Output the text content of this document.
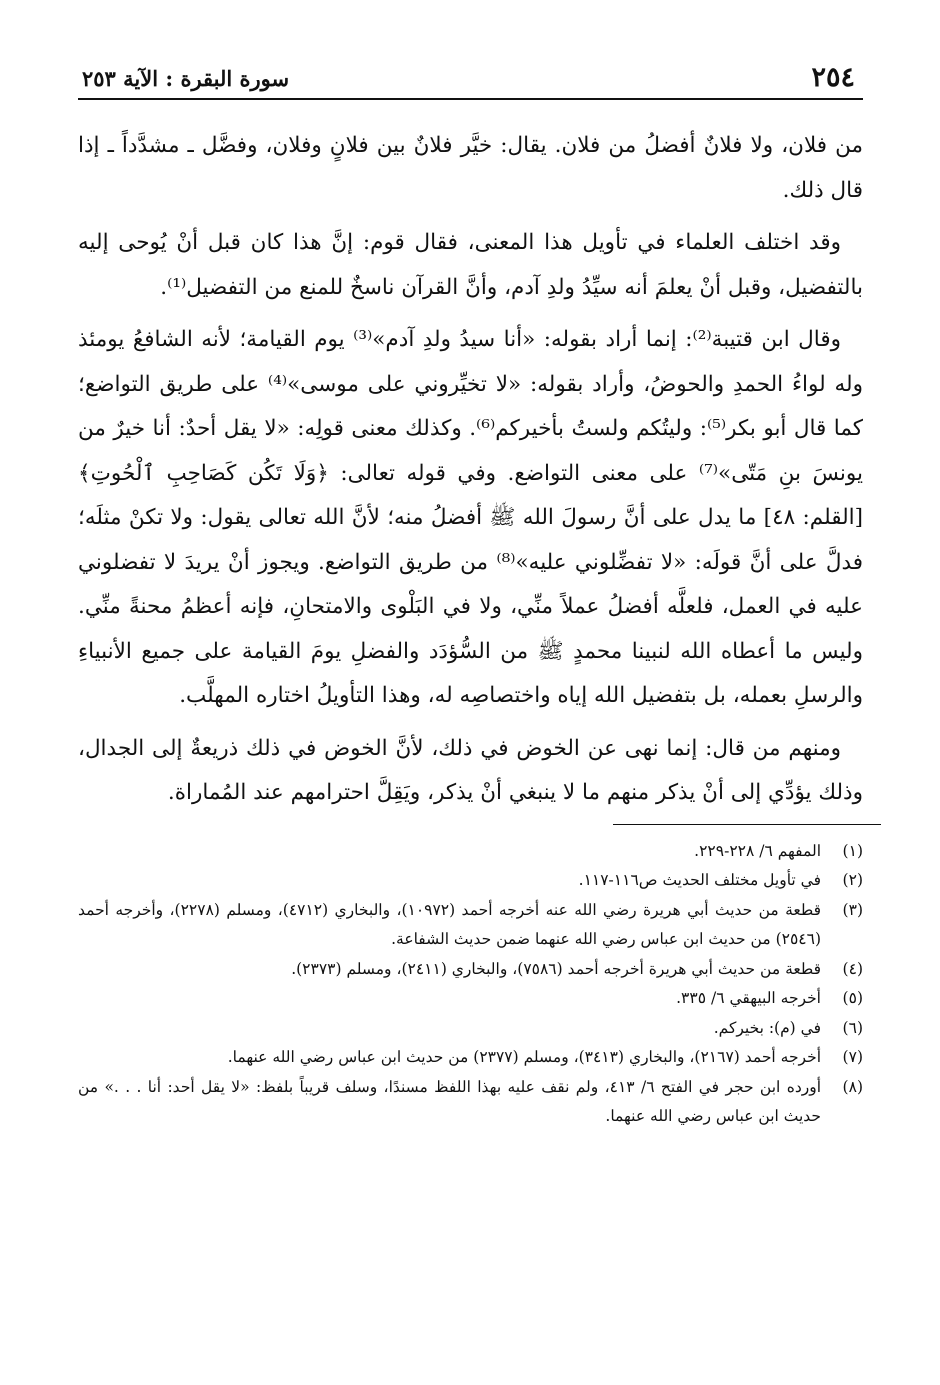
٢٥٤
سورة البقرة : الآية ٢٥٣

من فلان، ولا فلانٌ أفضلُ من فلان. يقال: خيَّر فلانٌ بين فلانٍ وفلان، وفضَّل ـ مشدَّداً ـ إذا قال ذلك.

وقد اختلف العلماء في تأويل هذا المعنى، فقال قوم: إنَّ هذا كان قبل أنْ يُوحى إليه بالتفضيل، وقبل أنْ يعلمَ أنه سيِّدُ ولدِ آدم، وأنَّ القرآن ناسخٌ للمنع من التفضيل⁽¹⁾.

وقال ابن قتيبة⁽²⁾: إنما أراد بقوله: «أنا سيدُ ولدِ آدم»⁽³⁾ يوم القيامة؛ لأنه الشافعُ يومئذ وله لواءُ الحمدِ والحوضُ، وأراد بقوله: «لا تخيِّروني على موسى»⁽⁴⁾ على طريق التواضع؛ كما قال أبو بكر⁽⁵⁾: وليتُكم ولستُ بأخيركم⁽⁶⁾. وكذلك معنى قولِه: «لا يقل أحدٌ: أنا خيرٌ من يونسَ بنِ مَتّى»⁽⁷⁾ على معنى التواضع. وفي قوله تعالى: ﴿وَلَا تَكُن كَصَاحِبِ ٱلْحُوتِ﴾ [القلم: ٤٨] ما يدل على أنَّ رسولَ الله ﷺ أفضلُ منه؛ لأنَّ الله تعالى يقول: ولا تكنْ مثلَه؛ فدلَّ على أنَّ قولَه: «لا تفضِّلوني عليه»⁽⁸⁾ من طريق التواضع. ويجوز أنْ يريدَ لا تفضلوني عليه في العمل، فلعلَّه أفضلُ عملاً منِّي، ولا في البَلْوى والامتحانِ، فإنه أعظمُ محنةً منِّي. وليس ما أعطاه الله لنبينا محمدٍ ﷺ من السُّؤدَد والفضلِ يومَ القيامة على جميع الأنبياءِ والرسلِ بعمله، بل بتفضيل الله إياه واختصاصِه له، وهذا التأويلُ اختاره المهلَّب.

ومنهم من قال: إنما نهى عن الخوض في ذلك، لأنَّ الخوض في ذلك ذريعةٌ إلى الجدال، وذلك يؤدِّي إلى أنْ يذكر منهم ما لا ينبغي أنْ يذكر، ويَقِلَّ احترامهم عند المُماراة.

(١)
المفهم ٦/ ٢٢٨-٢٢٩.
(٢)
في تأويل مختلف الحديث ص١١٦-١١٧.
(٣)
قطعة من حديث أبي هريرة رضي الله عنه أخرجه أحمد (١٠٩٧٢)، والبخاري (٤٧١٢)، ومسلم (٢٢٧٨)، وأخرجه أحمد (٢٥٤٦) من حديث ابن عباس رضي الله عنهما ضمن حديث الشفاعة.
(٤)
قطعة من حديث أبي هريرة أخرجه أحمد (٧٥٨٦)، والبخاري (٢٤١١)، ومسلم (٢٣٧٣).
(٥)
أخرجه البيهقي ٦/ ٣٣٥.
(٦)
في (م): بخيركم.
(٧)
أخرجه أحمد (٢١٦٧)، والبخاري (٣٤١٣)، ومسلم (٢٣٧٧) من حديث ابن عباس رضي الله عنهما.
(٨)
أورده ابن حجر في الفتح ٦/ ٤١٣، ولم نقف عليه بهذا اللفظ مسندًا، وسلف قريباً بلفظ: «لا يقل أحد: أنا . . .» من حديث ابن عباس رضي الله عنهما.
